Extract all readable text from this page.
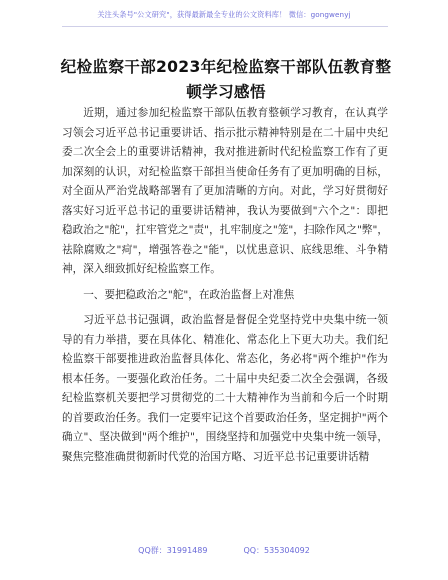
关注头条号"公文研究"，获得最新最全专业的公文资料库！ 微信：gongwenyj
纪检监察干部2023年纪检监察干部队伍教育整顿学习感悟

近期，通过参加纪检监察干部队伍教育整顿学习教育，在认真学习领会习近平总书记重要讲话、指示批示精神特别是在二十届中央纪委二次全会上的重要讲话精神，我对推进新时代纪检监察工作有了更加深刻的认识，对纪检监察干部担当使命任务有了更加明确的目标，对全面从严治党战略部署有了更加清晰的方向。对此，学习好贯彻好落实好习近平总书记的重要讲话精神，我认为要做到"六个之"：即把稳政治之"舵"，扛牢管党之"责"，扎牢制度之"笼"，扫除作风之"弊"，祛除腐败之"疴"，增强答卷之"能"，以忧患意识、底线思维、斗争精神，深入细致抓好纪检监察工作。

一、要把稳政治之"舵"，在政治监督上对准焦

习近平总书记强调，政治监督是督促全党坚持党中央集中统一领导的有力举措，要在具体化、精准化、常态化上下更大功夫。我们纪检监察干部要推进政治监督具体化、常态化，务必将"两个维护"作为根本任务。一要强化政治任务。二十届中央纪委二次全会强调，各级纪检监察机关要把学习贯彻党的二十大精神作为当前和今后一个时期的首要政治任务。我们一定要牢记这个首要政治任务，坚定拥护"两个确立"、坚决做到"两个维护"，围绕坚持和加强党中央集中统一领导，聚焦完整准确贯彻新时代党的治国方略、习近平总书记重要讲话精

QQ群：31991489	QQ：535304092
